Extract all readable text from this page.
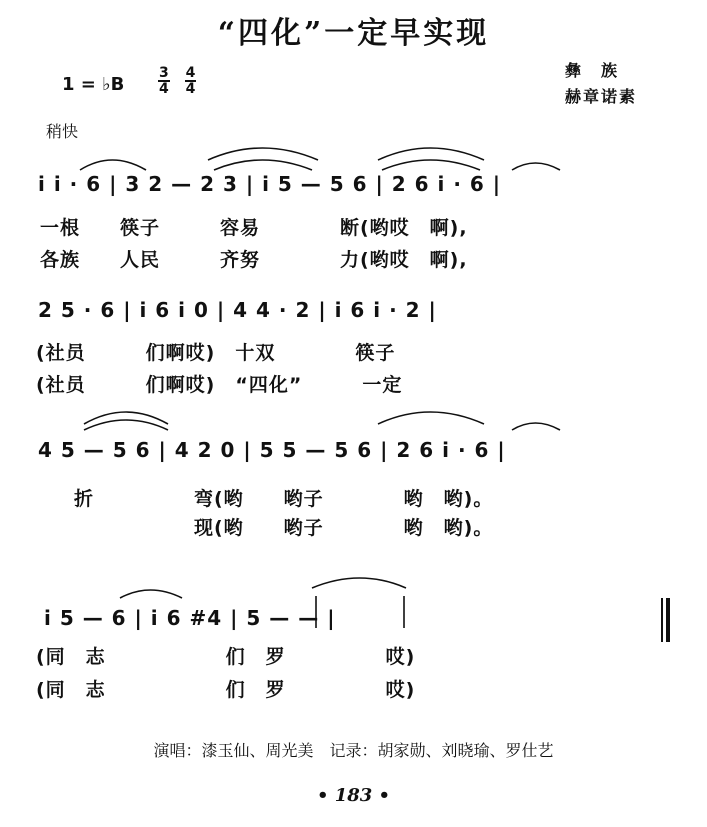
“四化”一定早实现
1 = ♭B $\frac{3}{4}$
$\frac{4}{4}$	彝　族
赫章诺素
稍快
i i · 6 | 3 2 — 2 3 | i 5 — 5 6 | 2 6 i · 6 |
一根　　筷子　　　容易　　　　断(哟哎　啊),
各族　　人民　　　齐努　　　　力(哟哎　啊),
2 5 · 6 | i 6 i 0 | 4 4 · 2 | i 6 i · 2 |
(社员　　　们啊哎)　十双　　　　筷子
(社员　　　们啊哎)　“四化”　　　一定
4 5 — 5 6 | 4 2 0 | 5 5 — 5 6 | 2 6 i · 6 |
折　　　　　弯(哟　　哟子　　　　哟　哟)。
　　　　　　现(哟　　哟子　　　　哟　哟)。
i 5 — 6 | i 6 #4 | 5 — — |
(同　志　　　　　　们　罗　　　　　哎)
(同　志　　　　　　们　罗　　　　　哎)
演唱：漆玉仙、周光美　记录：胡家勋、刘晓瑜、罗仕艺
• 183 •
